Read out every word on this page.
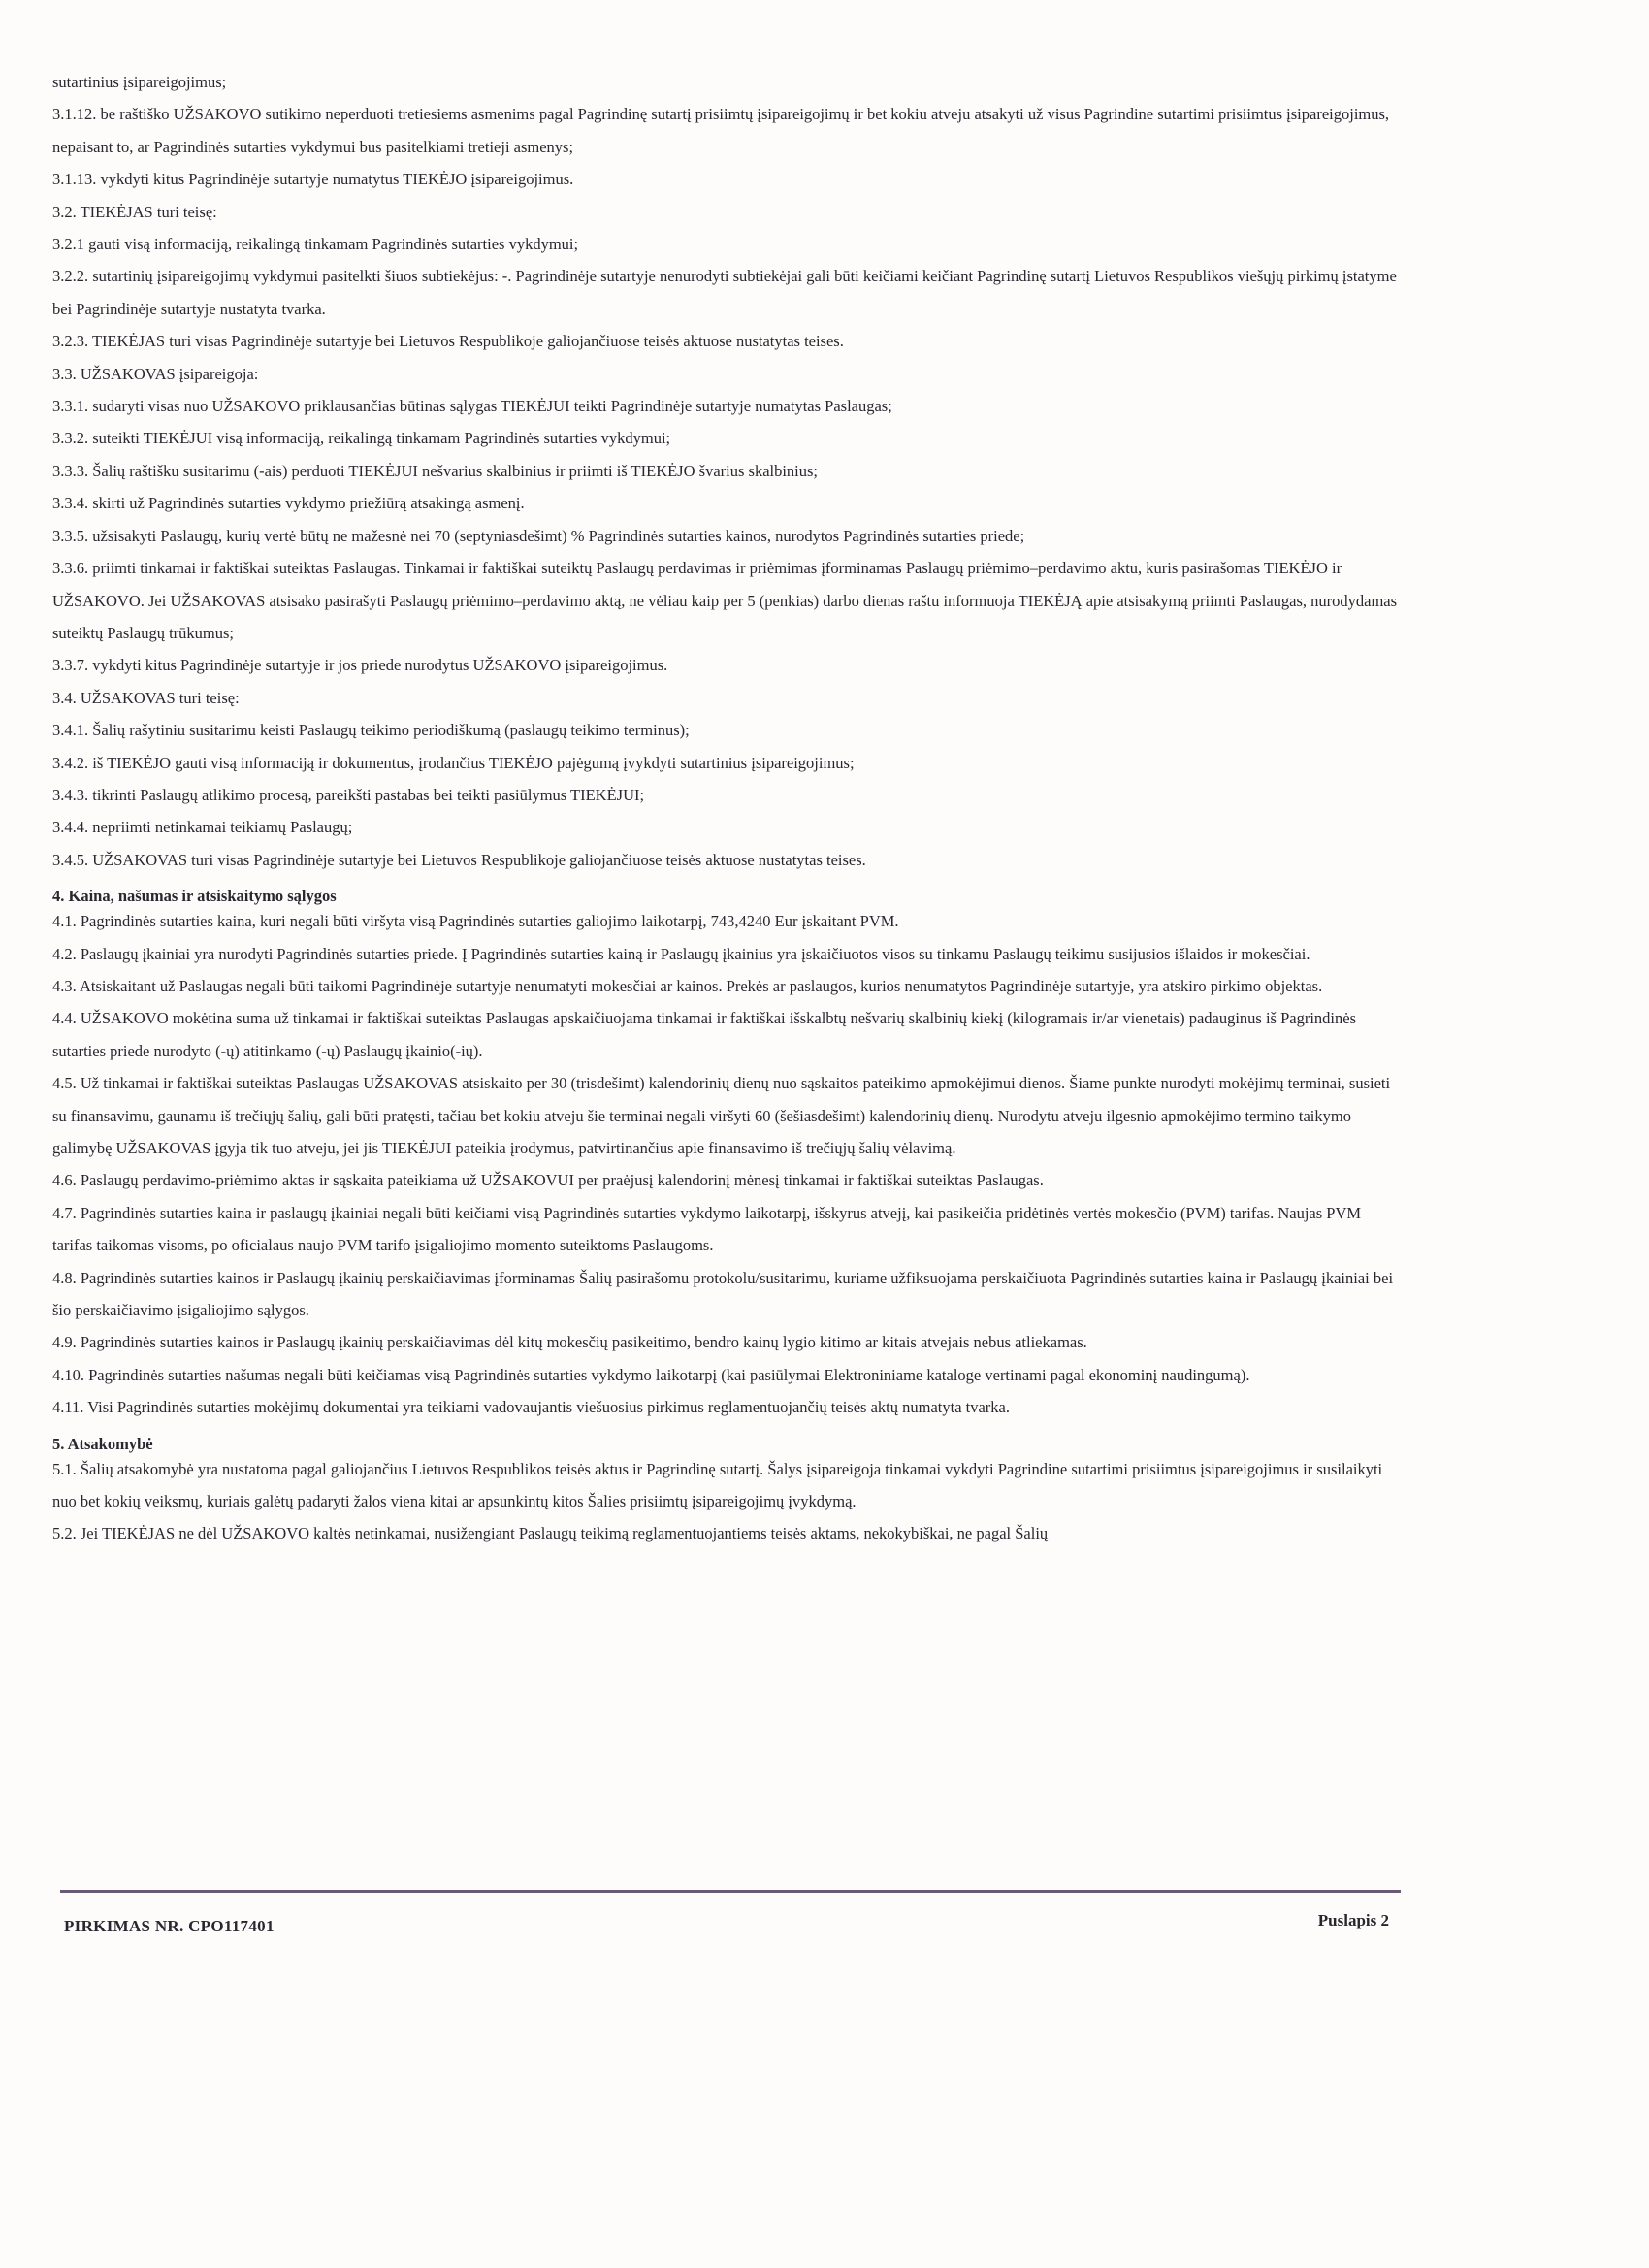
sutartinius įsipareigojimus;

3.1.12. be raštiško UŽSAKOVO sutikimo neperduoti tretiesiems asmenims pagal Pagrindinę sutartį prisiimtų įsipareigojimų ir bet kokiu atveju atsakyti už visus Pagrindine sutartimi prisiimtus įsipareigojimus, nepaisant to, ar Pagrindinės sutarties vykdymui bus pasitelkiami tretieji asmenys;

3.1.13. vykdyti kitus Pagrindinėje sutartyje numatytus TIEKĖJO įsipareigojimus.

3.2. TIEKĖJAS turi teisę:

3.2.1 gauti visą informaciją, reikalingą tinkamam Pagrindinės sutarties vykdymui;

3.2.2. sutartinių įsipareigojimų vykdymui pasitelkti šiuos subtiekėjus: -. Pagrindinėje sutartyje nenurodyti subtiekėjai gali būti keičiami keičiant Pagrindinę sutartį Lietuvos Respublikos viešųjų pirkimų įstatyme bei Pagrindinėje sutartyje nustatyta tvarka.

3.2.3. TIEKĖJAS turi visas Pagrindinėje sutartyje bei Lietuvos Respublikoje galiojančiuose teisės aktuose nustatytas teises.

3.3. UŽSAKOVAS įsipareigoja:

3.3.1. sudaryti visas nuo UŽSAKOVO priklausančias būtinas sąlygas TIEKĖJUI teikti Pagrindinėje sutartyje numatytas Paslaugas;

3.3.2. suteikti TIEKĖJUI visą informaciją, reikalingą tinkamam Pagrindinės sutarties vykdymui;

3.3.3. Šalių raštišku susitarimu (-ais) perduoti TIEKĖJUI nešvarius skalbinius ir priimti iš TIEKĖJO švarius skalbinius;

3.3.4. skirti už Pagrindinės sutarties vykdymo priežiūrą atsakingą asmenį.

3.3.5. užsisakyti Paslaugų, kurių vertė būtų ne mažesnė nei 70 (septyniasdešimt) % Pagrindinės sutarties kainos, nurodytos Pagrindinės sutarties priede;

3.3.6. priimti tinkamai ir faktiškai suteiktas Paslaugas. Tinkamai ir faktiškai suteiktų Paslaugų perdavimas ir priėmimas įforminamas Paslaugų priėmimo–perdavimo aktu, kuris pasirašomas TIEKĖJO ir UŽSAKOVO. Jei UŽSAKOVAS atsisako pasirašyti Paslaugų priėmimo–perdavimo aktą, ne vėliau kaip per 5 (penkias) darbo dienas raštu informuoja TIEKĖJĄ apie atsisakymą priimti Paslaugas, nurodydamas suteiktų Paslaugų trūkumus;

3.3.7. vykdyti kitus Pagrindinėje sutartyje ir jos priede nurodytus UŽSAKOVO įsipareigojimus.

3.4. UŽSAKOVAS turi teisę:

3.4.1. Šalių rašytiniu susitarimu keisti Paslaugų teikimo periodiškumą (paslaugų teikimo terminus);

3.4.2. iš TIEKĖJO gauti visą informaciją ir dokumentus, įrodančius TIEKĖJO pajėgumą įvykdyti sutartinius įsipareigojimus;

3.4.3. tikrinti Paslaugų atlikimo procesą, pareikšti pastabas bei teikti pasiūlymus TIEKĖJUI;

3.4.4. nepriimti netinkamai teikiamų Paslaugų;

3.4.5. UŽSAKOVAS turi visas Pagrindinėje sutartyje bei Lietuvos Respublikoje galiojančiuose teisės aktuose nustatytas teises.

4. Kaina, našumas ir atsiskaitymo sąlygos

4.1. Pagrindinės sutarties kaina, kuri negali būti viršyta visą Pagrindinės sutarties galiojimo laikotarpį, 743,4240 Eur įskaitant PVM.

4.2. Paslaugų įkainiai yra nurodyti Pagrindinės sutarties priede. Į Pagrindinės sutarties kainą ir Paslaugų įkainius yra įskaičiuotos visos su tinkamu Paslaugų teikimu susijusios išlaidos ir mokesčiai.

4.3. Atsiskaitant už Paslaugas negali būti taikomi Pagrindinėje sutartyje nenumatyti mokesčiai ar kainos. Prekės ar paslaugos, kurios nenumatytos Pagrindinėje sutartyje, yra atskiro pirkimo objektas.

4.4. UŽSAKOVO mokėtina suma už tinkamai ir faktiškai suteiktas Paslaugas apskaičiuojama tinkamai ir faktiškai išskalbtų nešvarių skalbinių kiekį (kilogramais ir/ar vienetais) padauginus iš Pagrindinės sutarties priede nurodyto (-ų) atitinkamo (-ų) Paslaugų įkainio(-ių).

4.5. Už tinkamai ir faktiškai suteiktas Paslaugas UŽSAKOVAS atsiskaito per 30 (trisdešimt) kalendorinių dienų nuo sąskaitos pateikimo apmokėjimui dienos. Šiame punkte nurodyti mokėjimų terminai, susieti su finansavimu, gaunamu iš trečiųjų šalių, gali būti pratęsti, tačiau bet kokiu atveju šie terminai negali viršyti 60 (šešiasdešimt) kalendorinių dienų. Nurodytu atveju ilgesnio apmokėjimo termino taikymo galimybę UŽSAKOVAS įgyja tik tuo atveju, jei jis TIEKĖJUI pateikia įrodymus, patvirtinančius apie finansavimo iš trečiųjų šalių vėlavimą.

4.6. Paslaugų perdavimo-priėmimo aktas ir sąskaita pateikiama už UŽSAKOVUI per praėjusį kalendorinį mėnesį tinkamai ir faktiškai suteiktas Paslaugas.

4.7. Pagrindinės sutarties kaina ir paslaugų įkainiai negali būti keičiami visą Pagrindinės sutarties vykdymo laikotarpį, išskyrus atvejį, kai pasikeičia pridėtinės vertės mokesčio (PVM) tarifas. Naujas PVM tarifas taikomas visoms, po oficialaus naujo PVM tarifo įsigaliojimo momento suteiktoms Paslaugoms.

4.8. Pagrindinės sutarties kainos ir Paslaugų įkainių perskaičiavimas įforminamas Šalių pasirašomu protokolu/susitarimu, kuriame užfiksuojama perskaičiuota Pagrindinės sutarties kaina ir Paslaugų įkainiai bei šio perskaičiavimo įsigaliojimo sąlygos.

4.9. Pagrindinės sutarties kainos ir Paslaugų įkainių perskaičiavimas dėl kitų mokesčių pasikeitimo, bendro kainų lygio kitimo ar kitais atvejais nebus atliekamas.

4.10. Pagrindinės sutarties našumas negali būti keičiamas visą Pagrindinės sutarties vykdymo laikotarpį (kai pasiūlymai Elektroniniame kataloge vertinami pagal ekonominį naudingumą).

4.11. Visi Pagrindinės sutarties mokėjimų dokumentai yra teikiami vadovaujantis viešuosius pirkimus reglamentuojančių teisės aktų numatyta tvarka.

5. Atsakomybė

5.1. Šalių atsakomybė yra nustatoma pagal galiojančius Lietuvos Respublikos teisės aktus ir Pagrindinę sutartį. Šalys įsipareigoja tinkamai vykdyti Pagrindine sutartimi prisiimtus įsipareigojimus ir susilaikyti nuo bet kokių veiksmų, kuriais galėtų padaryti žalos viena kitai ar apsunkintų kitos Šalies prisiimtų įsipareigojimų įvykdymą.

5.2. Jei TIEKĖJAS ne dėl UŽSAKOVO kaltės netinkamai, nusižengiant Paslaugų teikimą reglamentuojantiems teisės aktams, nekokybiškai, ne pagal Šalių

PIRKIMAS NR. CPO117401	Puslapis 2
